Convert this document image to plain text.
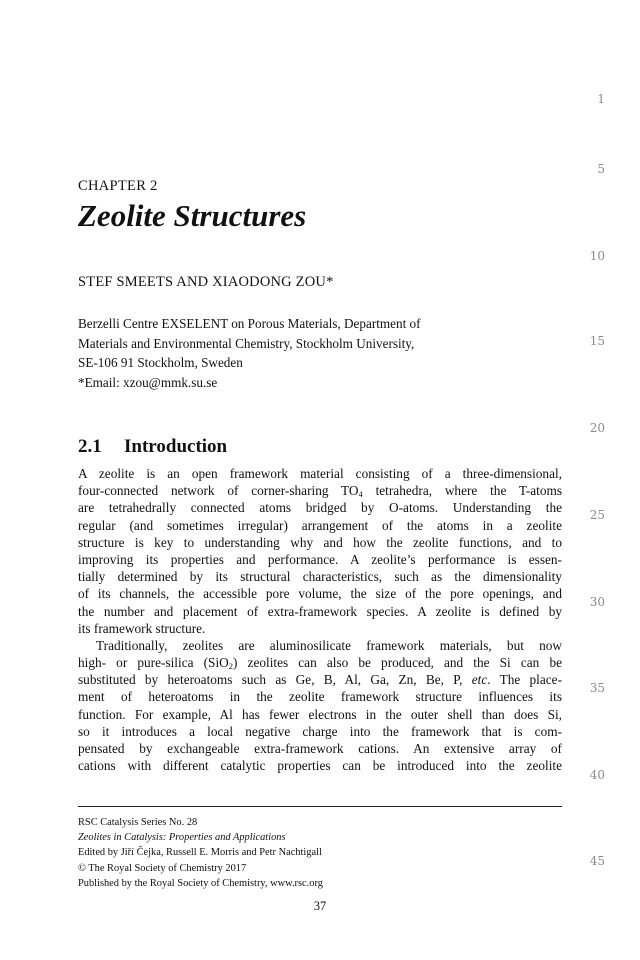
1
5
10
15
20
25
30
35
40
45
CHAPTER 2
Zeolite Structures
STEF SMEETS AND XIAODONG ZOU*
Berzelli Centre EXSELENT on Porous Materials, Department of
Materials and Environmental Chemistry, Stockholm University,
SE-106 91 Stockholm, Sweden
*Email: xzou@mmk.su.se
2.1 Introduction

A zeolite is an open framework material consisting of a three-dimensional,
four-connected network of corner-sharing $TO_4$ tetrahedra, where the T-atoms
are tetrahedrally connected atoms bridged by O-atoms. Understanding the
regular (and sometimes irregular) arrangement of the atoms in a zeolite
structure is key to understanding why and how the zeolite functions, and to
improving its properties and performance. A zeolite’s performance is essen-
tially determined by its structural characteristics, such as the dimensionality
of its channels, the accessible pore volume, the size of the pore openings, and
the number and placement of extra-framework species. A zeolite is defined by
its framework structure.

Traditionally, zeolites are aluminosilicate framework materials, but now
high- or pure-silica (SiO$_2$) zeolites can also be produced, and the Si can be
substituted by heteroatoms such as Ge, B, Al, Ga, Zn, Be, P, etc. The place-
ment of heteroatoms in the zeolite framework structure influences its
function. For example, Al has fewer electrons in the outer shell than does Si,
so it introduces a local negative charge into the framework that is com-
pensated by exchangeable extra-framework cations. An extensive array of
cations with different catalytic properties can be introduced into the zeolite

RSC Catalysis Series No. 28
Zeolites in Catalysis: Properties and Applications
Edited by Jiří Čejka, Russell E. Morris and Petr Nachtigall
© The Royal Society of Chemistry 2017
Published by the Royal Society of Chemistry, www.rsc.org
37
